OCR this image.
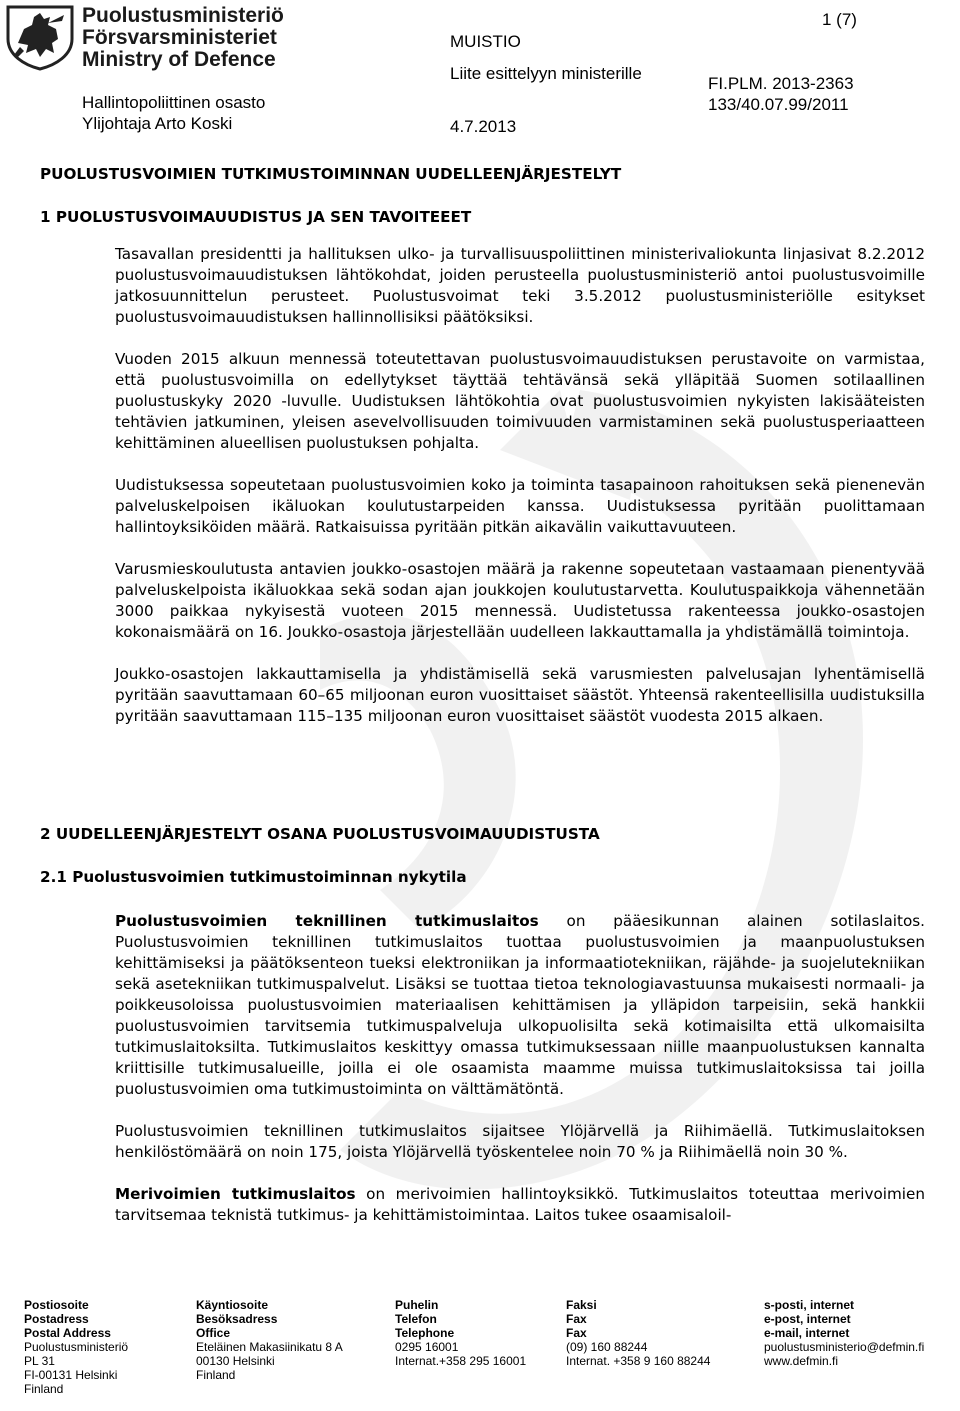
Puolustusministeriö
Försvarsministeriet
Ministry of Defence
Hallintopoliittinen osasto
Ylijohtaja Arto Koski
MUISTIO
Liite esittelyyn ministerille
4.7.2013
1 (7)
FI.PLM. 2013-2363
133/40.07.99/2011
PUOLUSTUSVOIMIEN TUTKIMUSTOIMINNAN UUDELLEENJÄRJESTELYT
1 PUOLUSTUSVOIMAUUDISTUS JA SEN TAVOITEEET

Tasavallan presidentti ja hallituksen ulko- ja turvallisuuspoliittinen ministerivaliokunta linjasivat 8.2.2012 puolustusvoimauudistuksen lähtökohdat, joiden perusteella puolustusministeriö antoi puolustusvoimille jatkosuunnittelun perusteet. Puolustusvoimat teki 3.5.2012 puolustusministeriölle esitykset puolustusvoimauudistuksen hallinnollisiksi päätöksiksi.

Vuoden 2015 alkuun mennessä toteutettavan puolustusvoimauudistuksen perustavoite on varmistaa, että puolustusvoimilla on edellytykset täyttää tehtävänsä sekä ylläpitää Suomen sotilaallinen puolustuskyky 2020 -luvulle. Uudistuksen lähtökohtia ovat puolustusvoimien nykyisten lakisääteisten tehtävien jatkuminen, yleisen asevelvollisuuden toimivuuden varmistaminen sekä puolustusperiaatteen kehittäminen alueellisen puolustuksen pohjalta.

Uudistuksessa sopeutetaan puolustusvoimien koko ja toiminta tasapainoon rahoituksen sekä pienenevän palveluskelpoisen ikäluokan koulutustarpeiden kanssa. Uudistuksessa pyritään puolittamaan hallintoyksiköiden määrä. Ratkaisuissa pyritään pitkän aikavälin vaikuttavuuteen.

Varusmieskoulutusta antavien joukko-osastojen määrä ja rakenne sopeutetaan vastaamaan pienentyvää palveluskelpoista ikäluokkaa sekä sodan ajan joukkojen koulutustarvetta. Koulutuspaikkoja vähennetään 3000 paikkaa nykyisestä vuoteen 2015 mennessä. Uudistetussa rakenteessa joukko-osastojen kokonaismäärä on 16. Joukko-osastoja järjestellään uudelleen lakkauttamalla ja yhdistämällä toimintoja.

Joukko-osastojen lakkauttamisella ja yhdistämisellä sekä varusmiesten palvelusajan lyhentämisellä pyritään saavuttamaan 60–65 miljoonan euron vuosittaiset säästöt. Yhteensä rakenteellisilla uudistuksilla pyritään saavuttamaan 115–135 miljoonan euron vuosittaiset säästöt vuodesta 2015 alkaen.

2 UUDELLEENJÄRJESTELYT OSANA PUOLUSTUSVOIMAUUDISTUSTA
2.1 Puolustusvoimien tutkimustoiminnan nykytila

Puolustusvoimien teknillinen tutkimuslaitos on pääesikunnan alainen sotilaslaitos. Puolustusvoimien teknillinen tutkimuslaitos tuottaa puolustusvoimien ja maanpuolustuksen kehittämiseksi ja päätöksenteon tueksi elektroniikan ja informaatiotekniikan, räjähde- ja suojelutekniikan sekä asetekniikan tutkimuspalvelut. Lisäksi se tuottaa tietoa teknologiavastuunsa mukaisesti normaali- ja poikkeusoloissa puolustusvoimien materiaalisen kehittämisen ja ylläpidon tarpeisiin, sekä hankkii puolustusvoimien tarvitsemia tutkimuspalveluja ulkopuolisilta sekä kotimaisilta että ulkomaisilta tutkimuslaitoksilta. Tutkimuslaitos keskittyy omassa tutkimuksessaan niille maanpuolustuksen kannalta kriittisille tutkimusalueille, joilla ei ole osaamista maamme muissa tutkimuslaitoksissa tai joilla puolustusvoimien oma tutkimustoiminta on välttämätöntä.

Puolustusvoimien teknillinen tutkimuslaitos sijaitsee Ylöjärvellä ja Riihimäellä. Tutkimuslaitoksen henkilöstömäärä on noin 175, joista Ylöjärvellä työskentelee noin 70 % ja Riihimäellä noin 30 %.

Merivoimien tutkimuslaitos on merivoimien hallintoyksikkö. Tutkimuslaitos toteuttaa merivoimien tarvitsemaa teknistä tutkimus- ja kehittämistoimintaa. Laitos tukee osaamisaloil-

Postiosoite
Postadress
Postal Address
Puolustusministeriö
PL 31
FI-00131 Helsinki
Finland
Käyntiosoite
Besöksadress
Office
Eteläinen Makasiinikatu 8 A
00130 Helsinki
Finland
Puhelin
Telefon
Telephone
0295 16001
Internat.+358 295 16001
Faksi
Fax
Fax
(09) 160 88244
Internat. +358 9 160 88244
s-posti, internet
e-post, internet
e-mail, internet
puolustusministerio@defmin.fi
www.defmin.fi
